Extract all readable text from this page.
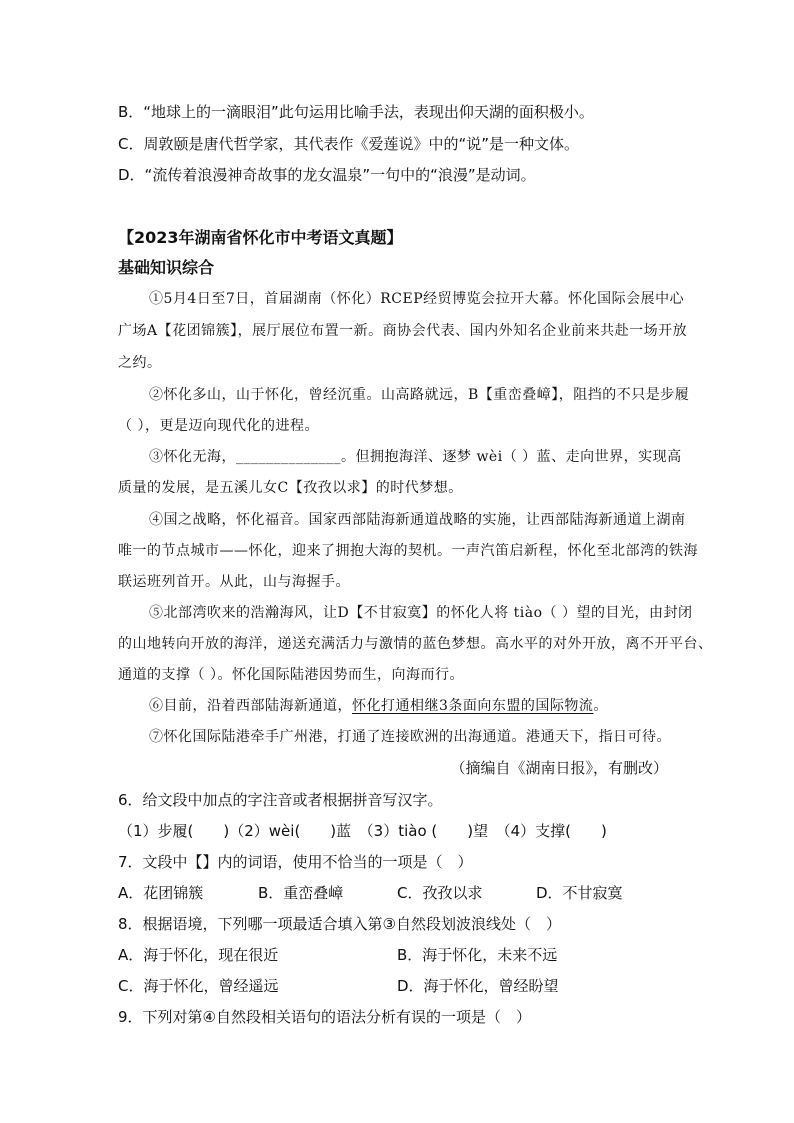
B．“地球上的一滴眼泪”此句运用比喻手法，表现出仰天湖的面积极小。
C．周敦颐是唐代哲学家，其代表作《爱莲说》中的“说”是一种文体。
D．“流传着浪漫神奇故事的龙女温泉”一句中的“浪漫”是动词。
【2023年湖南省怀化市中考语文真题】
基础知识综合
①5月4日至7日，首届湖南（怀化）RCEP经贸博览会拉开大幕。怀化国际会展中心
广场A【花团锦簇】，展厅展位布置一新。商协会代表、国内外知名企业前来共赴一场开放
之约。
②怀化多山，山于怀化，曾经沉重。山高路就远，B【重峦叠嶂】，阻挡的不只是步履
（ ），更是迈向现代化的进程。
③怀化无海，______________。但拥抱海洋、逐梦 wèi（ ）蓝、走向世界，实现高
质量的发展，是五溪儿女C【孜孜以求】的时代梦想。
④国之战略，怀化福音。国家西部陆海新通道战略的实施，让西部陆海新通道上湖南
唯一的节点城市——怀化，迎来了拥抱大海的契机。一声汽笛启新程，怀化至北部湾的铁海
联运班列首开。从此，山与海握手。
⑤北部湾吹来的浩瀚海风，让D【不甘寂寞】的怀化人将 tiào（ ）望的目光，由封闭
的山地转向开放的海洋，递送充满活力与激情的蓝色梦想。高水平的对外开放，离不开平台、
通道的支撑（ ）。怀化国际陆港因势而生，向海而行。
⑥目前，沿着西部陆海新通道，怀化打通相继3条面向东盟的国际物流。
⑦怀化国际陆港牵手广州港，打通了连接欧洲的出海通道。港通天下，指日可待。
（摘编自《湖南日报》，有删改）
6．给文段中加点的字注音或者根据拼音写汉字。
（1）步履(　　)（2）wèi(　　)蓝　（3）tiào (　　)望　（4）支撑(　　)
7．文段中【】内的词语，使用不恰当的一项是（　）
A．花团锦簇	B．重峦叠嶂	C．孜孜以求	D．不甘寂寞
8．根据语境，下列哪一项最适合填入第③自然段划波浪线处（　）
A．海于怀化，现在很近	B．海于怀化，未来不远
C．海于怀化，曾经遥远	D．海于怀化，曾经盼望
9．下列对第④自然段相关语句的语法分析有误的一项是（　）
